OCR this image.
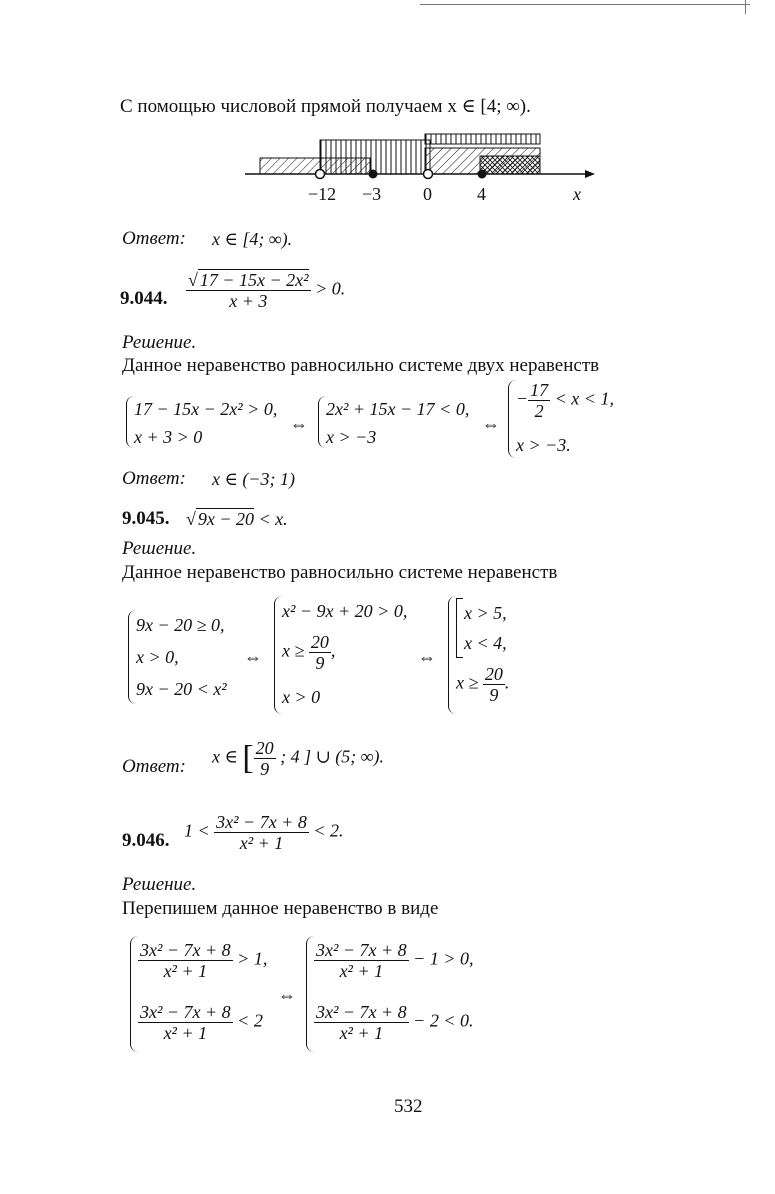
С помощью числовой прямой получаем x ∈ [4; ∞).
−12 −3 0	4	x
Ответ: x ∈ [4; ∞).
9.044. $\frac{\text{√ 17 − 15x − 2x²}}{x + 3} > 0$.
Решение.
Данное неравенство равносильно системе двух неравенств
17 − 15x − 2x² > 0,
x + 3 > 0
⇔
2x² + 15x − 17 < 0,
x > −3
⇔
− $\frac{17}{2} < x < 1$,
x > −3.
Ответ: x ∈ (−3; 1)
9.045. √ 9x − 20 < x.
Решение.
Данное неравенство равносильно системе неравенств
9x − 20 ≥ 0,
x > 0,
9x − 20 < x²
⇔
x² − 9x + 20 > 0,
$x \ge \frac{20}{9}$ ,
x > 0
⇔
x > 5,
x < 4,
$x \ge \frac{20}{9}$ .
Ответ: x ∈ [ $\frac{20}{9}$ ; 4 ] ∪ (5; ∞).
9.046. $1 < \frac{\text{3x² − 7x + 8}}{\text{x² + 1}} < 2$.
Решение.
Перепишем данное неравенство в виде
$\frac{\text{3x² − 7x + 8}}{\text{x² + 1}} > 1$,
$\frac{\text{3x² − 7x + 8}}{\text{x² + 1}} < 2$
⇔
$\frac{\text{3x² − 7x + 8}}{\text{x² + 1}} - 1 > 0$,
$\frac{\text{3x² − 7x + 8}}{\text{x² + 1}} - 2 < 0$.
532
